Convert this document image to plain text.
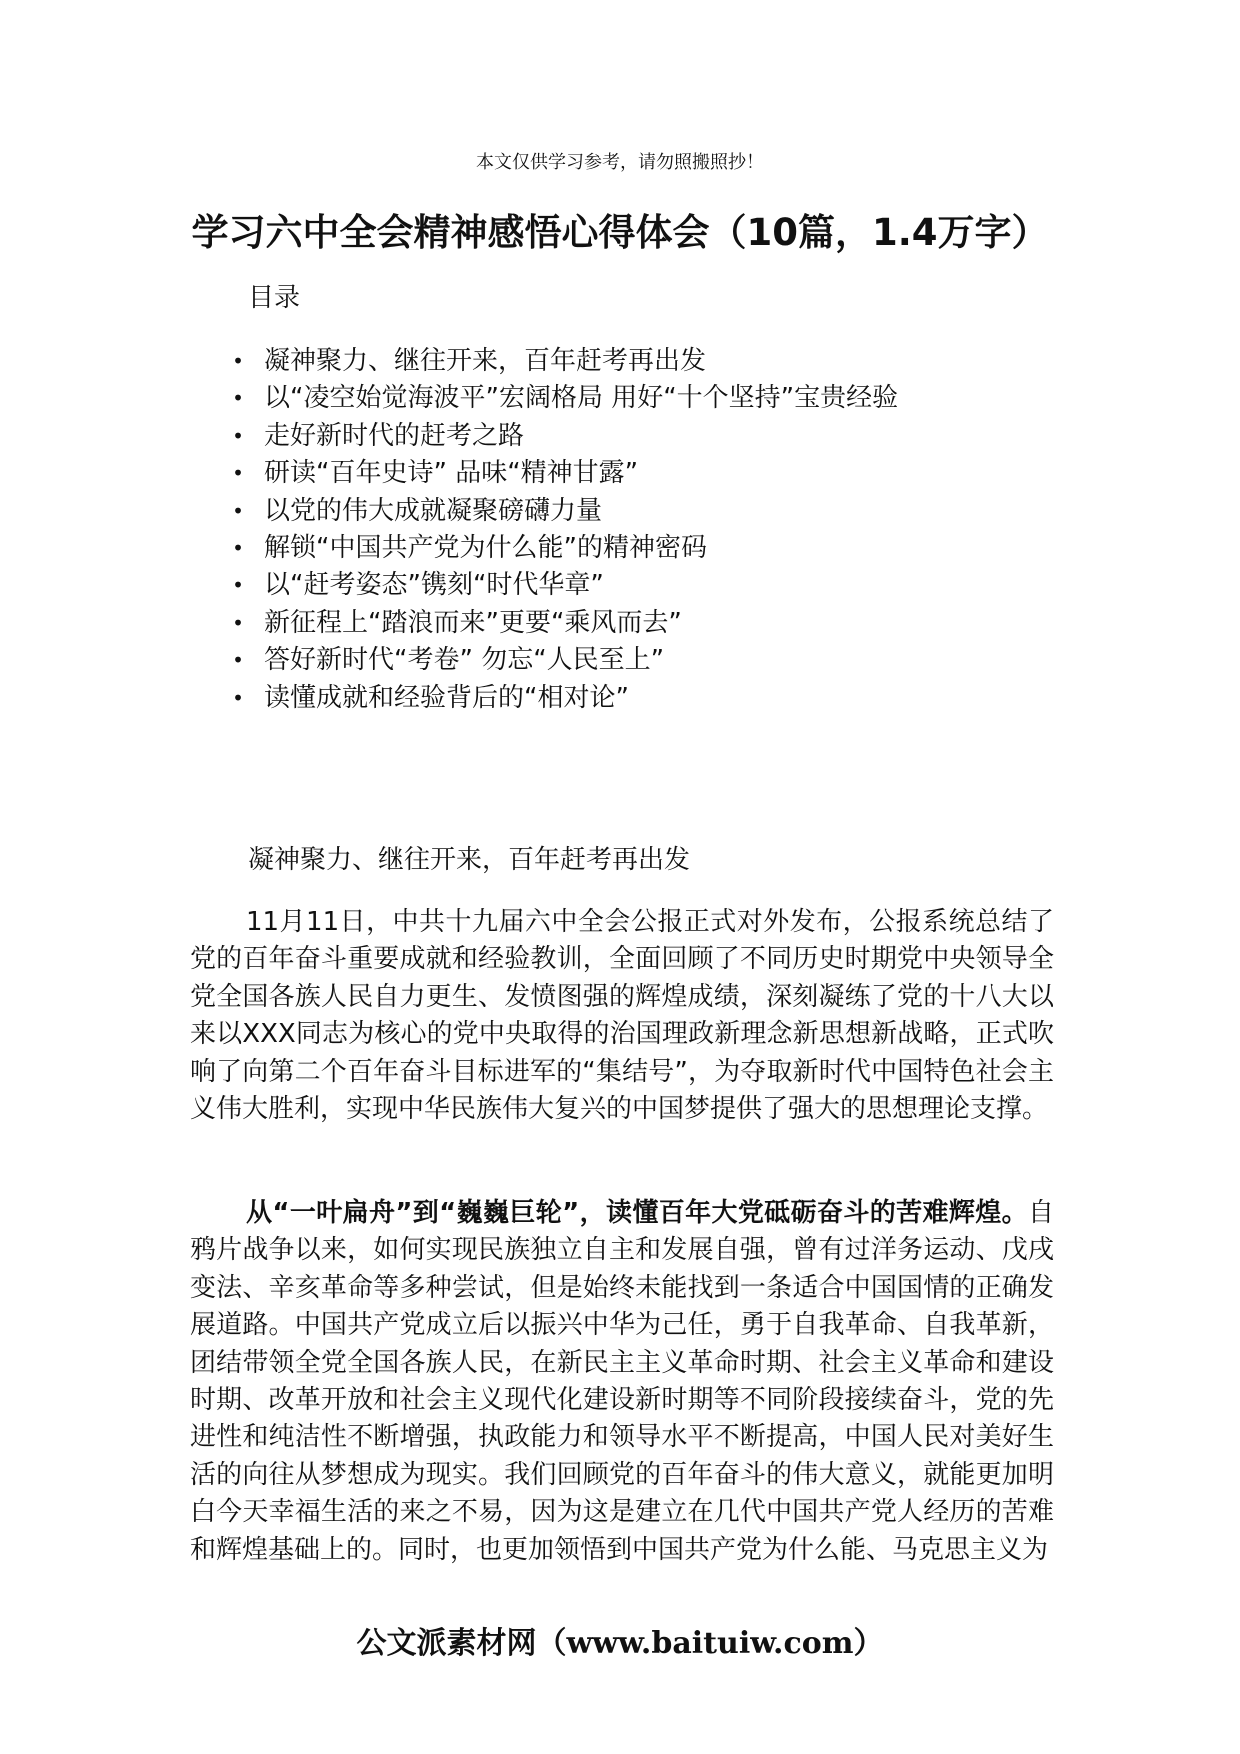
本文仅供学习参考，请勿照搬照抄！
学习六中全会精神感悟心得体会（10篇，1.4万字）
目录
• 凝神聚力、继往开来，百年赶考再出发
• 以“凌空始觉海波平”宏阔格局 用好“十个坚持”宝贵经验
• 走好新时代的赶考之路
• 研读“百年史诗” 品味“精神甘露”
• 以党的伟大成就凝聚磅礴力量
• 解锁“中国共产党为什么能”的精神密码
• 以“赶考姿态”镌刻“时代华章”
• 新征程上“踏浪而来”更要“乘风而去”
• 答好新时代“考卷” 勿忘“人民至上”
• 读懂成就和经验背后的“相对论”
凝神聚力、继往开来，百年赶考再出发

11月11日，中共十九届六中全会公报正式对外发布，公报系统总结了党的百年奋斗重要成就和经验教训，全面回顾了不同历史时期党中央领导全党全国各族人民自力更生、发愤图强的辉煌成绩，深刻凝练了党的十八大以来以XXX同志为核心的党中央取得的治国理政新理念新思想新战略，正式吹响了向第二个百年奋斗目标进军的“集结号”，为夺取新时代中国特色社会主义伟大胜利，实现中华民族伟大复兴的中国梦提供了强大的思想理论支撑。

从“一叶扁舟”到“巍巍巨轮”，读懂百年大党砥砺奋斗的苦难辉煌。自鸦片战争以来，如何实现民族独立自主和发展自强，曾有过洋务运动、戊戌变法、辛亥革命等多种尝试，但是始终未能找到一条适合中国国情的正确发展道路。中国共产党成立后以振兴中华为己任，勇于自我革命、自我革新，团结带领全党全国各族人民，在新民主主义革命时期、社会主义革命和建设时期、改革开放和社会主义现代化建设新时期等不同阶段接续奋斗，党的先进性和纯洁性不断增强，执政能力和领导水平不断提高，中国人民对美好生活的向往从梦想成为现实。我们回顾党的百年奋斗的伟大意义，就能更加明白今天幸福生活的来之不易，因为这是建立在几代中国共产党人经历的苦难和辉煌基础上的。同时，也更加领悟到中国共产党为什么能、马克思主义为

公文派素材网（www.baituiw.com）
